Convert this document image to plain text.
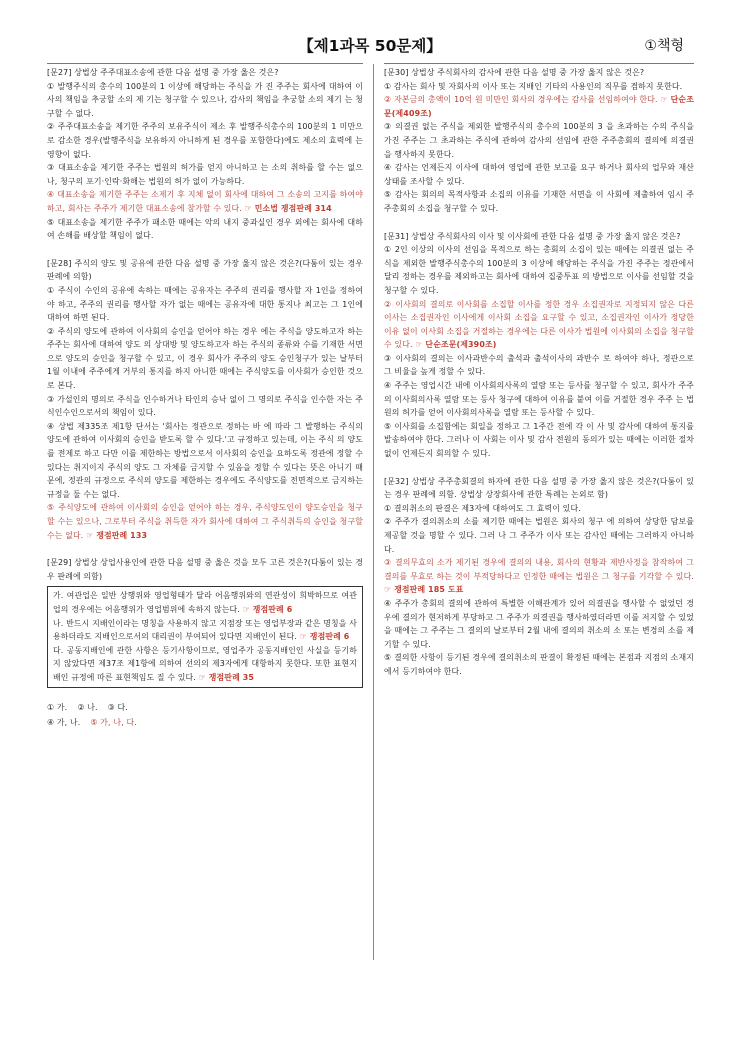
【제1과목 50문제】	①책형

[문27] 상법상 주주대표소송에 관한 다음 설명 중 가장 옳은 것은?

① 발행주식의 총수의 100분의 1 이상에 해당하는 주식을 가 진 주주는 회사에 대하여 이사의 책임을 추궁할 소의 제 기는 청구할 수 있으나, 감사의 책임을 추궁할 소의 제기 는 청구할 수 없다.

② 주주대표소송을 제기한 주주의 보유주식이 제소 후 발행주식총수의 100분의 1 미만으로 감소한 경우(발행주식을 보유하지 아니하게 된 경우를 포함한다)에도 제소의 효력에 는 영향이 없다.

③ 대표소송을 제기한 주주는 법원의 허가를 얻지 아니하고 는 소의 취하를 할 수는 없으나, 청구의 포기·인락·화해는 법원의 허가 없이 가능하다.

④ 대표소송을 제기한 주주는 소제기 후 지체 없이 회사에 대하여 그 소송의 고지를 하여야 하고, 회사는 주주가 제기한 대표소송에 참가할 수 있다. ☞ 민소법 쟁점판례 314

⑤ 대표소송을 제기한 주주가 패소한 때에는 악의 내지 중과실인 경우 외에는 회사에 대하여 손해를 배상할 책임이 없다.

[문28] 주식의 양도 및 공유에 관한 다음 설명 중 가장 옳지 않은 것은?(다툼이 있는 경우 판례에 의함)

① 주식이 수인의 공유에 속하는 때에는 공유자는 주주의 권리를 행사할 자 1인을 정하여야 하고, 주주의 권리를 행사할 자가 없는 때에는 공유자에 대한 통지나 최고는 그 1인에 대하여 하면 된다.

② 주식의 양도에 관하여 이사회의 승인을 얻어야 하는 경우 에는 주식을 양도하고자 하는 주주는 회사에 대하여 양도 의 상대방 및 양도하고자 하는 주식의 종류와 수를 기재한 서면으로 양도의 승인을 청구할 수 있고, 이 경우 회사가 주주의 양도 승인청구가 있는 날부터 1월 이내에 주주에게 거부의 통지를 하지 아니한 때에는 주식양도를 이사회가 승인한 것으로 본다.

③ 가설인의 명의로 주식을 인수하거나 타인의 승낙 없이 그 명의로 주식을 인수한 자는 주식인수인으로서의 책임이 있다.

④ 상법 제335조 제1항 단서는 '회사는 정관으로 정하는 바 에 따라 그 발행하는 주식의 양도에 관하여 이사회의 승인을 받도록 할 수 있다.'고 규정하고 있는데, 이는 주식 의 양도를 전제로 하고 다만 이를 제한하는 방법으로서 이사회의 승인을 요하도록 정관에 정할 수 있다는 취지이지 주식의 양도 그 자체를 금지할 수 있음을 정할 수 있다는 뜻은 아니기 때문에, 정관의 규정으로 주식의 양도를 제한하는 경우에도 주식양도를 전면적으로 금지하는 규정을 둘 수는 없다.

⑤ 주식양도에 관하여 이사회의 승인을 얻어야 하는 경우, 주식양도인이 양도승인을 청구할 수는 있으나, 그로부터 주식을 취득한 자가 회사에 대하여 그 주식취득의 승인을 청구할 수는 없다. ☞ 쟁점판례 133

[문29] 상법상 상업사용인에 관한 다음 설명 중 옳은 것을 모두 고른 것은?(다툼이 있는 경우 판례에 의함)

가. 여관업은 일반 상행위와 영업형태가 달라 어음행위와의 연관성이 희박하므로 여관업의 경우에는 어음행위가 영업범위에 속하지 않는다. ☞ 쟁점판례 6

나. 반드시 지배인이라는 명칭을 사용하지 않고 지점장 또는 영업부장과 같은 명칭을 사용하더라도 지배인으로서의 대리권이 부여되어 있다면 지배인이 된다. ☞ 쟁점판례 6

다. 공동지배인에 관한 사항은 등기사항이므로, 영업주가 공동지배인인 사실을 등기하지 않았다면 제37조 제1항에 의하여 선의의 제3자에게 대항하지 못한다. 또한 표현지배인 규정에 따른 표현책임도 질 수 있다. ☞ 쟁점판례 35

① 가. ② 나. ③ 다.
④ 가, 나. ⑤ 가, 나, 다.

[문30] 상법상 주식회사의 감사에 관한 다음 설명 중 가장 옳지 않은 것은?

① 감사는 회사 및 자회사의 이사 또는 지배인 기타의 사용인의 직무를 겸하지 못한다.

② 자본금의 총액이 10억 원 미만인 회사의 경우에는 감사를 선임하여야 한다. ☞ 단순조문(제409조)

③ 의결권 없는 주식을 제외한 발행주식의 총수의 100분의 3 을 초과하는 수의 주식을 가진 주주는 그 초과하는 주식에 관하여 감사의 선임에 관한 주주총회의 결의에 의결권 을 행사하지 못한다.

④ 감사는 언제든지 이사에 대하여 영업에 관한 보고를 요구 하거나 회사의 업무와 재산상태를 조사할 수 있다.

⑤ 감사는 회의의 목적사항과 소집의 이유를 기재한 서면을 이 사회에 제출하여 임시 주주총회의 소집을 청구할 수 있다.

[문31] 상법상 주식회사의 이사 및 이사회에 관한 다음 설명 중 가장 옳지 않은 것은?

① 2인 이상의 이사의 선임을 목적으로 하는 총회의 소집이 있는 때에는 의결권 없는 주식을 제외한 발행주식총수의 100분의 3 이상에 해당하는 주식을 가진 주주는 정관에서 달리 정하는 경우를 제외하고는 회사에 대하여 집중투표 의 방법으로 이사를 선임할 것을 청구할 수 있다.

② 이사회의 결의로 이사회를 소집할 이사를 정한 경우 소집권자로 지정되지 않은 다른 이사는 소집권자인 이사에게 이사회 소집을 요구할 수 있고, 소집권자인 이사가 정당한 이유 없이 이사회 소집을 거절하는 경우에는 다른 이사가 법원에 이사회의 소집을 청구할 수 있다. ☞ 단순조문(제390조)

③ 이사회의 결의는 이사과반수의 출석과 출석이사의 과반수 로 하여야 하나, 정관으로 그 비율을 높게 정할 수 있다.

④ 주주는 영업시간 내에 이사회의사록의 열람 또는 등사를 청구할 수 있고, 회사가 주주의 이사회의사록 열람 또는 등사 청구에 대하여 이유를 붙여 이를 거절한 경우 주주 는 법원의 허가를 얻어 이사회의사록을 열람 또는 등사할 수 있다.

⑤ 이사회를 소집함에는 회일을 정하고 그 1주간 전에 각 이 사 및 감사에 대하여 통지를 발송하여야 한다. 그러나 이 사회는 이사 및 감사 전원의 동의가 있는 때에는 이러한 절차 없이 언제든지 회의할 수 있다.

[문32] 상법상 주주총회결의 하자에 관한 다음 설명 중 가장 옳지 않은 것은?(다툼이 있는 경우 판례에 의함. 상법상 상장회사에 관한 특례는 논외로 함)

① 결의취소의 판결은 제3자에 대하여도 그 효력이 있다.

② 주주가 결의취소의 소를 제기한 때에는 법원은 회사의 청구 에 의하여 상당한 담보를 제공할 것을 명할 수 있다. 그러 나 그 주주가 이사 또는 감사인 때에는 그러하지 아니하다.

③ 결의무효의 소가 제기된 경우에 결의의 내용, 회사의 현황과 제반사정을 참작하여 그 결의를 무효로 하는 것이 부적당하다고 인정한 때에는 법원은 그 청구를 기각할 수 있다. ☞ 쟁점판례 185 도표

④ 주주가 총회의 결의에 관하여 특별한 이해관계가 있어 의결권을 행사할 수 없었던 경우에 결의가 현저하게 부당하고 그 주주가 의결권을 행사하였더라면 이를 저지할 수 있었을 때에는 그 주주는 그 결의의 날로부터 2월 내에 결의의 취소의 소 또는 변경의 소를 제기할 수 있다.

⑤ 결의한 사항이 등기된 경우에 결의취소의 판결이 확정된 때에는 본점과 지점의 소재지에서 등기하여야 한다.
